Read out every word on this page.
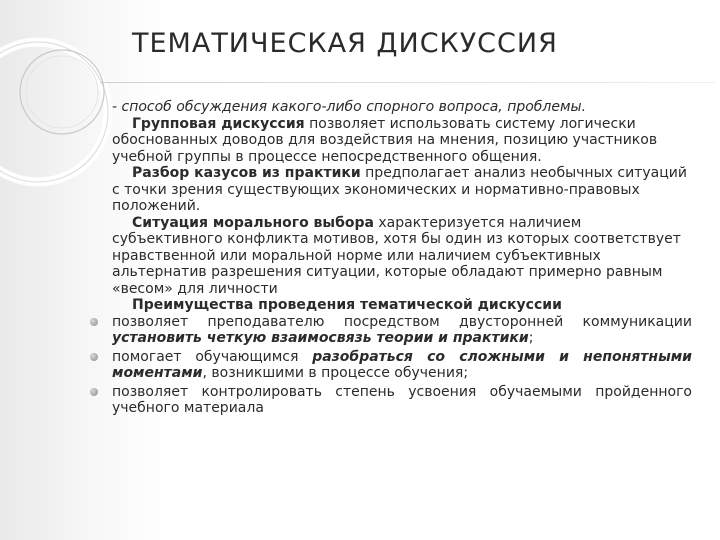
ТЕМАТИЧЕСКАЯ ДИСКУССИЯ

- способ обсуждения какого-либо спорного вопроса, проблемы.

Групповая дискуссия позволяет использовать систему логически обоснованных доводов для воздействия на мнения, позицию участников учебной группы в процессе непосредственного общения.

Разбор казусов из практики предполагает анализ необычных ситуаций с точки зрения существующих экономических и нормативно-правовых положений.

Ситуация морального выбора характеризуется наличием субъективного конфликта мотивов, хотя бы один из которых соответствует нравственной или моральной норме или наличием субъективных альтернатив разрешения ситуации, которые обладают примерно равным «весом» для личности

Преимущества проведения тематической дискуссии

позволяет преподавателю посредством двусторонней коммуникации установить четкую взаимосвязь теории и практики;
помогает обучающимся разобраться со сложными и непонятными моментами, возникшими в процессе обучения;
позволяет контролировать степень усвоения обучаемыми пройденного учебного материала
